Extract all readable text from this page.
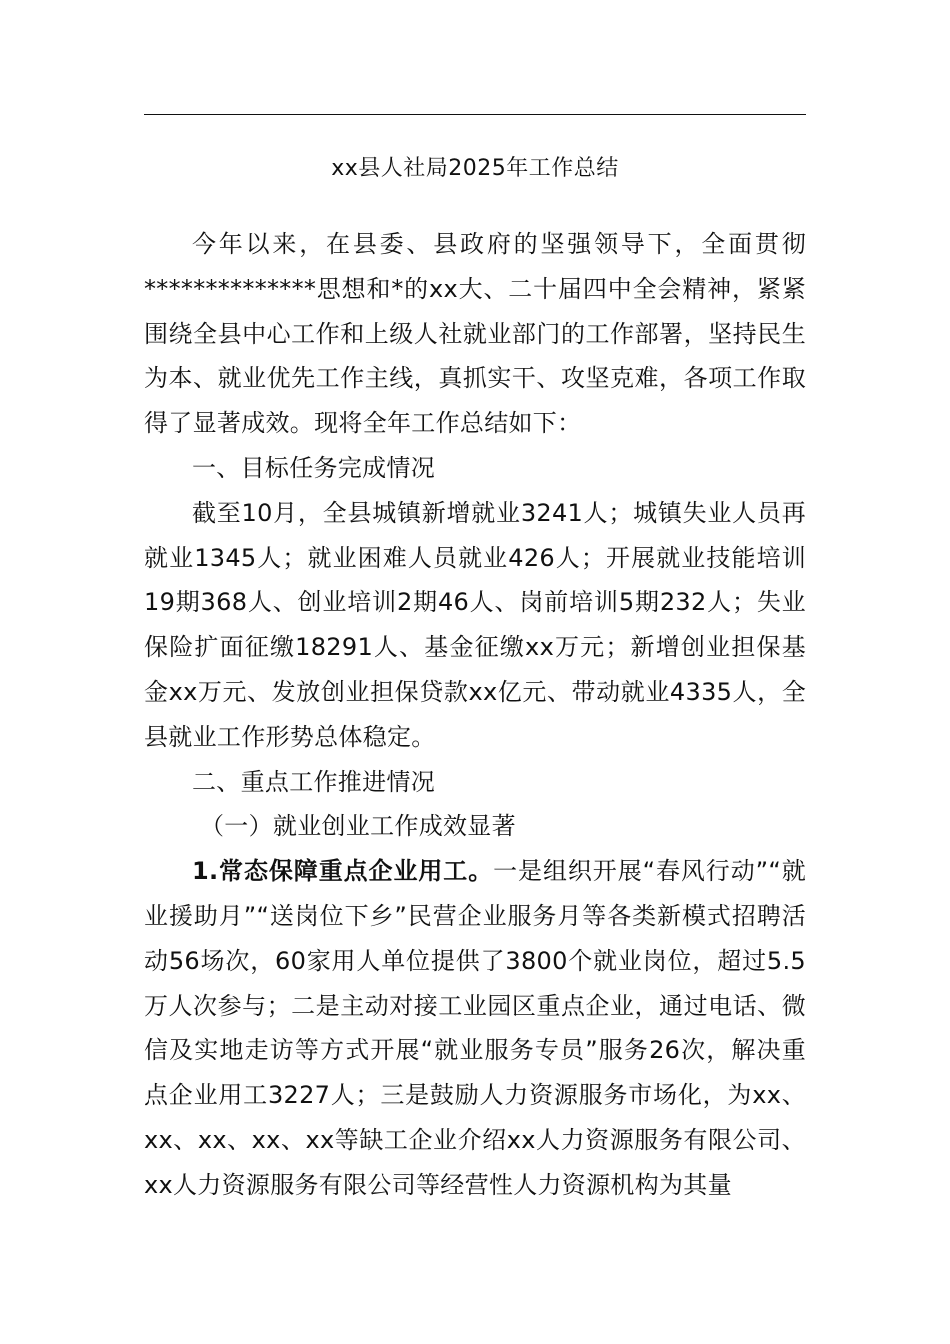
xx县人社局2025年工作总结

今年以来，在县委、县政府的坚强领导下，全面贯彻**************思想和*的xx大、二十届四中全会精神，紧紧围绕全县中心工作和上级人社就业部门的工作部署，坚持民生为本、就业优先工作主线，真抓实干、攻坚克难，各项工作取得了显著成效。现将全年工作总结如下：

一、目标任务完成情况

截至10月，全县城镇新增就业3241人；城镇失业人员再就业1345人；就业困难人员就业426人；开展就业技能培训19期368人、创业培训2期46人、岗前培训5期232人；失业保险扩面征缴18291人、基金征缴xx万元；新增创业担保基金xx万元、发放创业担保贷款xx亿元、带动就业4335人，全县就业工作形势总体稳定。

二、重点工作推进情况

（一）就业创业工作成效显著

1.常态保障重点企业用工。一是组织开展“春风行动”“就业援助月”“送岗位下乡”民营企业服务月等各类新模式招聘活动56场次，60家用人单位提供了3800个就业岗位，超过5.5万人次参与；二是主动对接工业园区重点企业，通过电话、微信及实地走访等方式开展“就业服务专员”服务26次，解决重点企业用工3227人；三是鼓励人力资源服务市场化，为xx、xx、xx、xx、xx等缺工企业介绍xx人力资源服务有限公司、xx人力资源服务有限公司等经营性人力资源机构为其量
